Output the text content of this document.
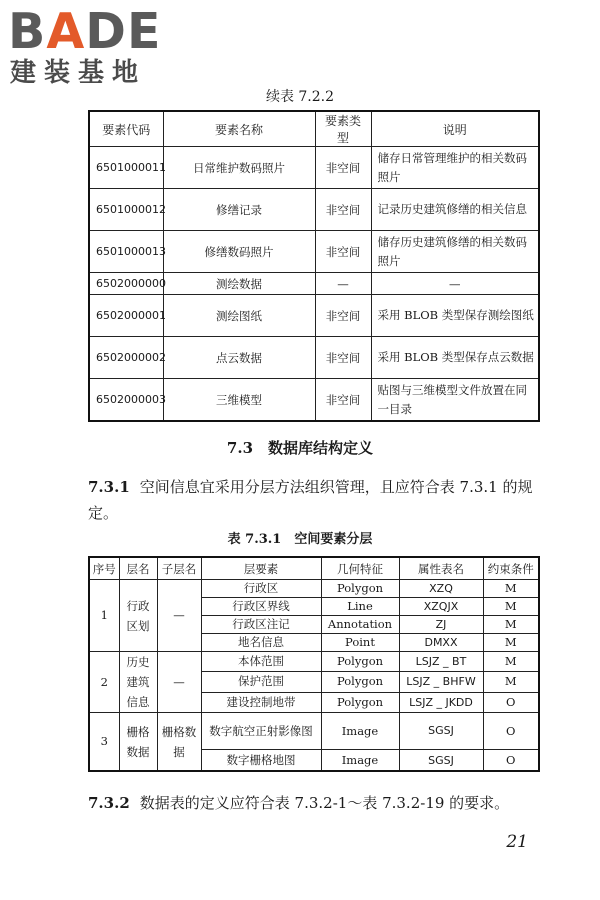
BADE
建装基地
续表 7.2.2
要素代码	要素名称	要素类型	说明
6501000011	日常维护数码照片	非空间	储存日常管理维护的相关数码照片
6501000012	修缮记录	非空间	记录历史建筑修缮的相关信息
6501000013	修缮数码照片	非空间	储存历史建筑修缮的相关数码照片
6502000000	测绘数据	—	—
6502000001	测绘图纸	非空间	采用 BLOB 类型保存测绘图纸
6502000002	点云数据	非空间	采用 BLOB 类型保存点云数据
6502000003	三维模型	非空间	贴图与三维模型文件放置在同一目录
7.3　 数据库结构定义
7.3.1 空间信息宜采用分层方法组织管理，且应符合表 7.3.1 的规定。
表 7.3.1　空间要素分层
序号	层名	子层名	层要素	几何特征	属性表名	约束条件
1	行政区划	—	行政区	Polygon	XZQ	M
			行政区界线	Line	XZQJX	M
			行政区注记	Annotation	ZJ	M
			地名信息	Point	DMXX	M
2	历史建筑信息	—	本体范围	Polygon	LSJZ _ BT	M
			保护范围	Polygon	LSJZ _ BHFW	M
			建设控制地带	Polygon	LSJZ _ JKDD	O
3	栅格数据	栅格数据	数字航空正射影像图	Image	SGSJ	O
			数字栅格地图	Image	SGSJ	O
7.3.2 数据表的定义应符合表 7.3.2-1～表 7.3.2-19 的要求。
21
